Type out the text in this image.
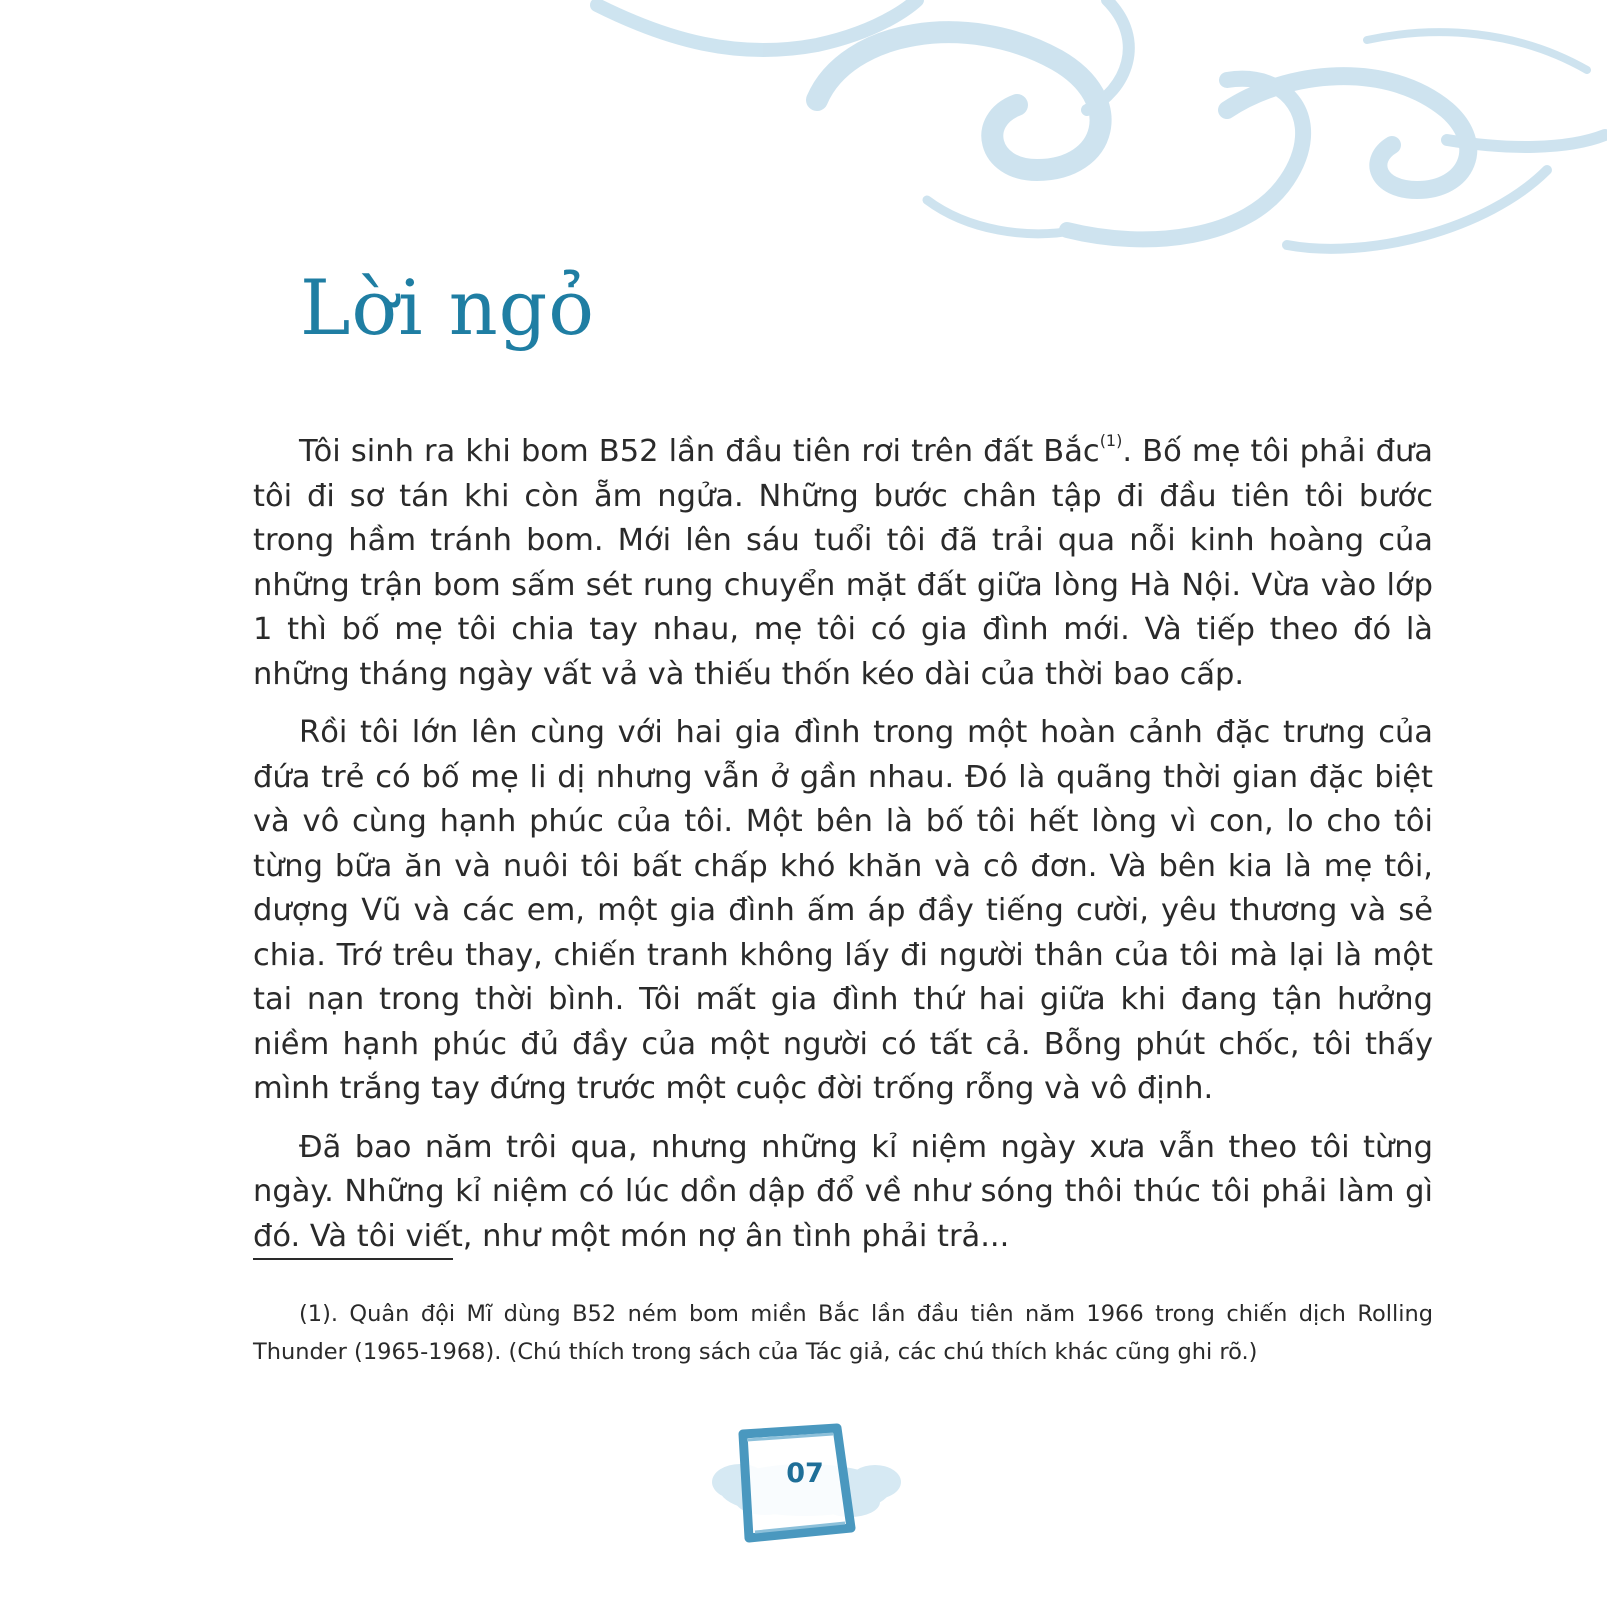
Lời ngỏ

Tôi sinh ra khi bom B52 lần đầu tiên rơi trên đất Bắc$^{(1)}$. Bố mẹ tôi phải đưa tôi đi sơ tán khi còn ẵm ngửa. Những bước chân tập đi đầu tiên tôi bước trong hầm tránh bom. Mới lên sáu tuổi tôi đã trải qua nỗi kinh hoàng của những trận bom sấm sét rung chuyển mặt đất giữa lòng Hà Nội. Vừa vào lớp 1 thì bố mẹ tôi chia tay nhau, mẹ tôi có gia đình mới. Và tiếp theo đó là những tháng ngày vất vả và thiếu thốn kéo dài của thời bao cấp.

Rồi tôi lớn lên cùng với hai gia đình trong một hoàn cảnh đặc trưng của đứa trẻ có bố mẹ li dị nhưng vẫn ở gần nhau. Đó là quãng thời gian đặc biệt và vô cùng hạnh phúc của tôi. Một bên là bố tôi hết lòng vì con, lo cho tôi từng bữa ăn và nuôi tôi bất chấp khó khăn và cô đơn. Và bên kia là mẹ tôi, dượng Vũ và các em, một gia đình ấm áp đầy tiếng cười, yêu thương và sẻ chia. Trớ trêu thay, chiến tranh không lấy đi người thân của tôi mà lại là một tai nạn trong thời bình. Tôi mất gia đình thứ hai giữa khi đang tận hưởng niềm hạnh phúc đủ đầy của một người có tất cả. Bỗng phút chốc, tôi thấy mình trắng tay đứng trước một cuộc đời trống rỗng và vô định.

Đã bao năm trôi qua, nhưng những kỉ niệm ngày xưa vẫn theo tôi từng ngày. Những kỉ niệm có lúc dồn dập đổ về như sóng thôi thúc tôi phải làm gì đó. Và tôi viết, như một món nợ ân tình phải trả...

(1). Quân đội Mĩ dùng B52 ném bom miền Bắc lần đầu tiên năm 1966 trong chiến dịch Rolling Thunder (1965-1968). (Chú thích trong sách của Tác giả, các chú thích khác cũng ghi rõ.)

07
